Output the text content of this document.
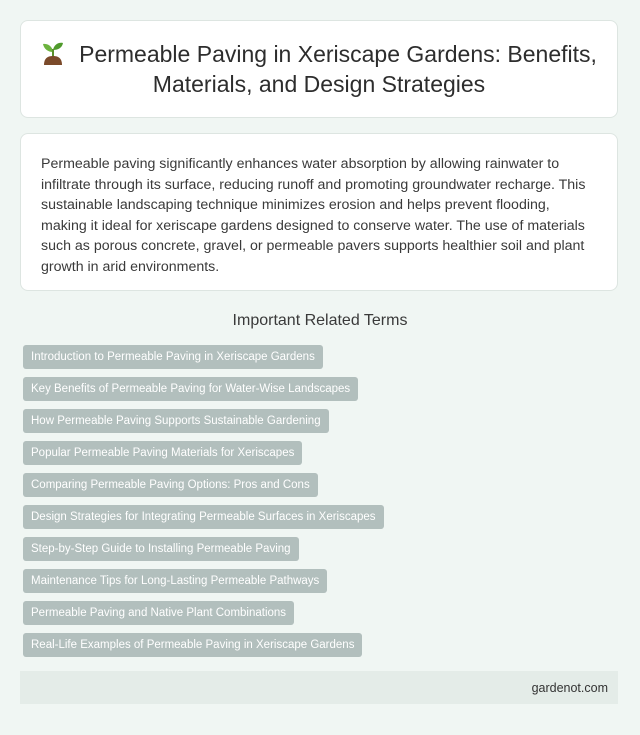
Permeable Paving in Xeriscape Gardens: Benefits, Materials, and Design Strategies

Permeable paving significantly enhances water absorption by allowing rainwater to infiltrate through its surface, reducing runoff and promoting groundwater recharge. This sustainable landscaping technique minimizes erosion and helps prevent flooding, making it ideal for xeriscape gardens designed to conserve water. The use of materials such as porous concrete, gravel, or permeable pavers supports healthier soil and plant growth in arid environments.

Important Related Terms
Introduction to Permeable Paving in Xeriscape Gardens
Key Benefits of Permeable Paving for Water-Wise Landscapes
How Permeable Paving Supports Sustainable Gardening
Popular Permeable Paving Materials for Xeriscapes
Comparing Permeable Paving Options: Pros and Cons
Design Strategies for Integrating Permeable Surfaces in Xeriscapes
Step-by-Step Guide to Installing Permeable Paving
Maintenance Tips for Long-Lasting Permeable Pathways
Permeable Paving and Native Plant Combinations
Real-Life Examples of Permeable Paving in Xeriscape Gardens
gardenot.com
